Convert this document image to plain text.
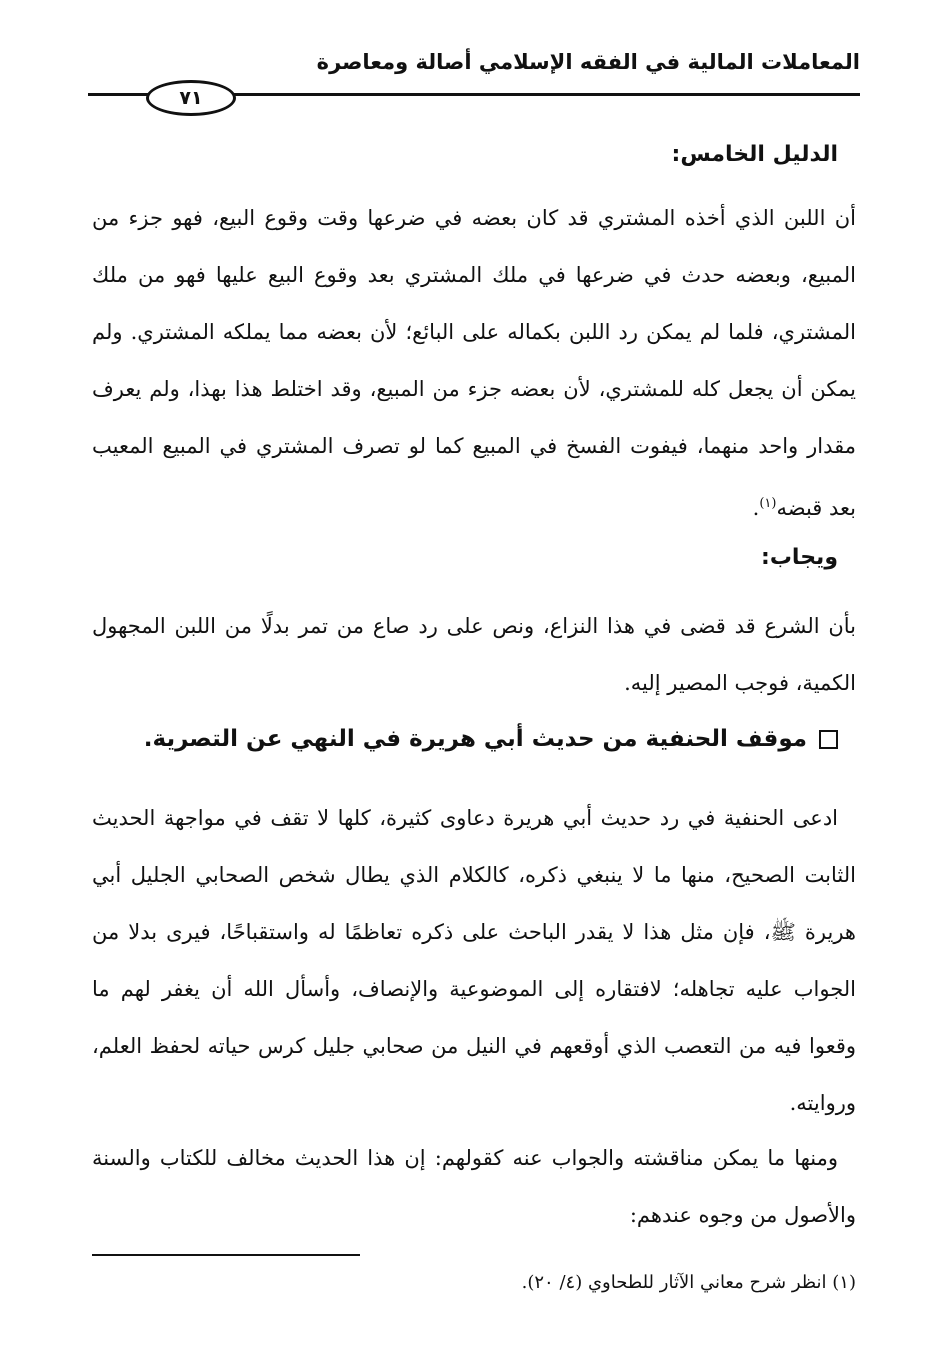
المعاملات المالية في الفقه الإسلامي أصالة ومعاصرة
٧١
الدليل الخامس:

أن اللبن الذي أخذه المشتري قد كان بعضه في ضرعها وقت وقوع البيع، فهو جزء من المبيع، وبعضه حدث في ضرعها في ملك المشتري بعد وقوع البيع عليها فهو من ملك المشتري، فلما لم يمكن رد اللبن بكماله على البائع؛ لأن بعضه مما يملكه المشتري. ولم يمكن أن يجعل كله للمشتري، لأن بعضه جزء من المبيع، وقد اختلط هذا بهذا، ولم يعرف مقدار واحد منهما، فيفوت الفسخ في المبيع كما لو تصرف المشتري في المبيع المعيب بعد قبضه$^{(١)}$.

ويجاب:

بأن الشرع قد قضى في هذا النزاع، ونص على رد صاع من تمر بدلًا من اللبن المجهول الكمية، فوجب المصير إليه.

موقف الحنفية من حديث أبي هريرة في النهي عن التصرية.

ادعى الحنفية في رد حديث أبي هريرة دعاوى كثيرة، كلها لا تقف في مواجهة الحديث الثابت الصحيح، منها ما لا ينبغي ذكره، كالكلام الذي يطال شخص الصحابي الجليل أبي هريرة ﷺ، فإن مثل هذا لا يقدر الباحث على ذكره تعاظمًا له واستقباحًا، فيرى بدلا من الجواب عليه تجاهله؛ لافتقاره إلى الموضوعية والإنصاف، وأسأل الله أن يغفر لهم ما وقعوا فيه من التعصب الذي أوقعهم في النيل من صحابي جليل كرس حياته لحفظ العلم، وروايته.

ومنها ما يمكن مناقشته والجواب عنه كقولهم: إن هذا الحديث مخالف للكتاب والسنة والأصول من وجوه عندهم:

(١) انظر شرح معاني الآثار للطحاوي (٤/ ٢٠).
